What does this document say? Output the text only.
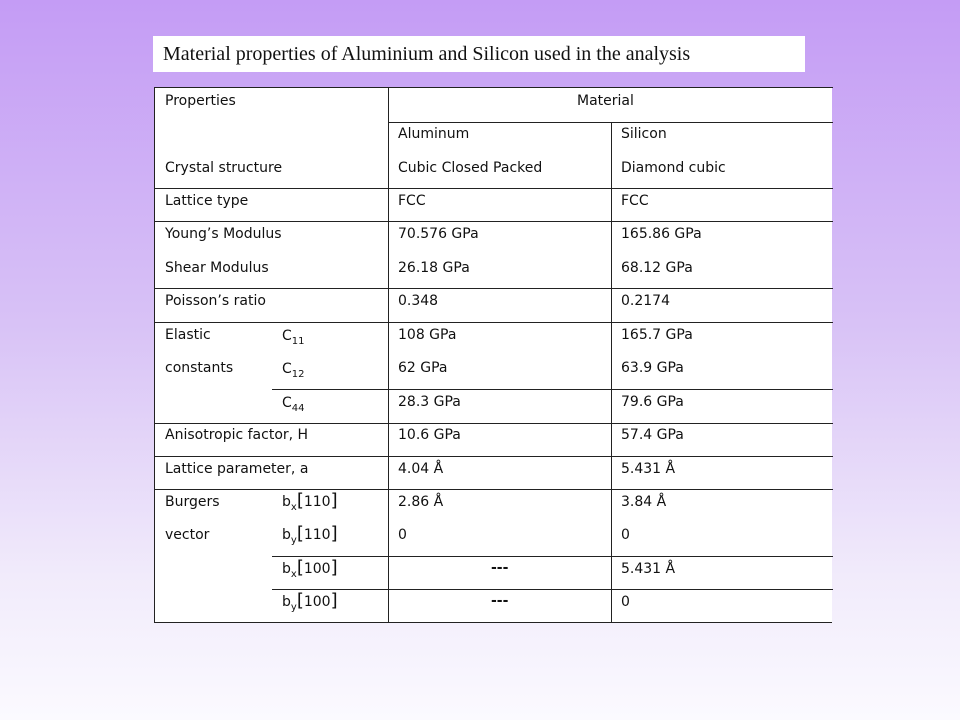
Material properties of Aluminium and Silicon used in the analysis
Properties	Material
Aluminum	Silicon
Crystal structure	Cubic Closed Packed	Diamond cubic
Lattice type	FCC	FCC
Young’s Modulus	70.576 GPa	165.86 GPa
Shear Modulus	26.18 GPa	68.12 GPa
Poisson’s ratio	0.348	0.2174
Elastic
constants
$C_{11}$	108 GPa	165.7 GPa
$C_{12}$	62 GPa	63.9 GPa
$C_{44}$	28.3 GPa	79.6 GPa
Anisotropic factor, H	10.6 GPa	57.4 GPa
Lattice parameter, a	4.04 Å	5.431 Å
Burgers
vector
$b_x[110]$	2.86 Å	3.84 Å
$b_y[110]$	0	0
$b_x[100]$	---	5.431 Å
$b_y[100]$	---	0
